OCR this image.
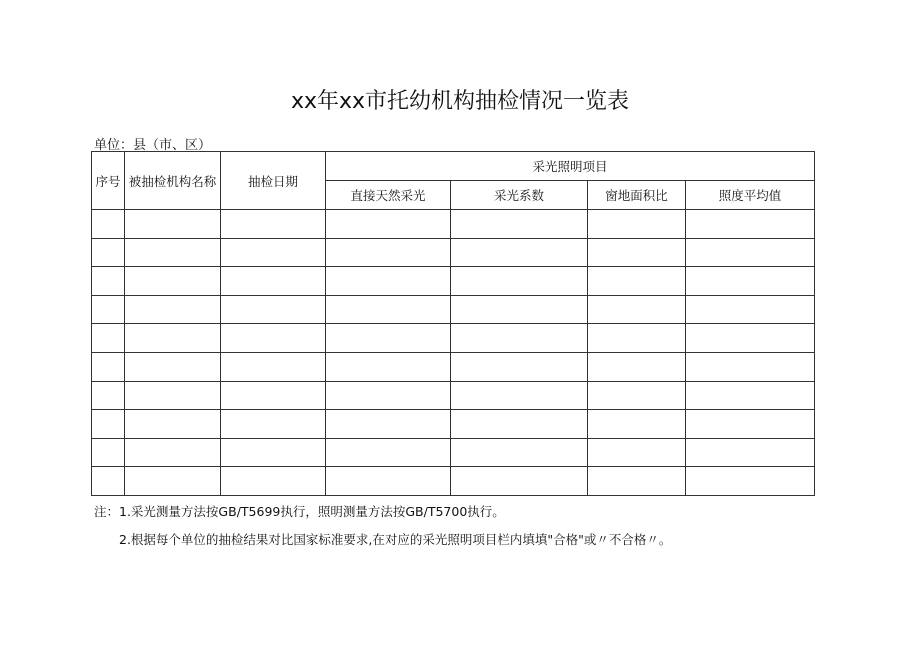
xx年xx市托幼机构抽检情况一览表
单位：县（市、区）
序号	被抽检机构名称	抽检日期	采光照明项目			
			直接天然采光	采光系数	窗地面积比	照度平均值

注：1.采光测量方法按GB/T5699执行，照明测量方法按GB/T5700执行。
2.根据每个单位的抽检结果对比国家标准要求,在对应的采光照明项目栏内填填"合格"或〃不合格〃。
